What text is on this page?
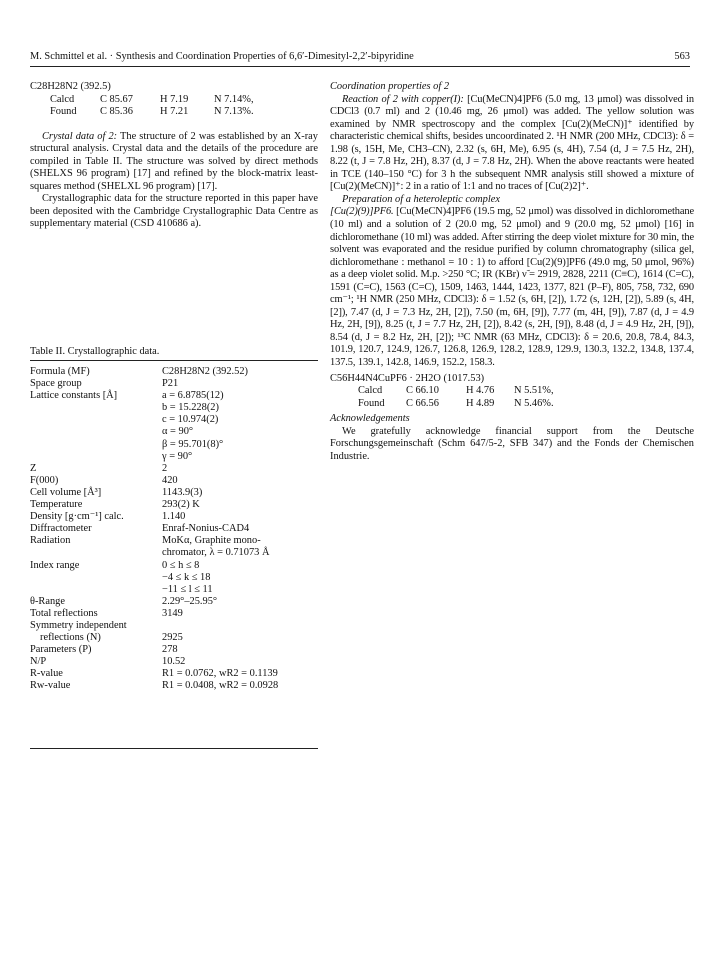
M. Schmittel et al. · Synthesis and Coordination Properties of 6,6′-Dimesityl-2,2′-bipyridine	563

C28H28N2 (392.5)

Calcd	C 85.67	H 7.19	N 7.14%,
Found	C 85.36	H 7.21	N 7.13%.

Crystal data of 2: The structure of 2 was established by an X-ray structural analysis. Crystal data and the details of the procedure are compiled in Table II. The structure was solved by direct methods (SHELXS 96 program) [17] and refined by the block-matrix least-squares method (SHELXL 96 program) [17].

Crystallographic data for the structure reported in this paper have been deposited with the Cambridge Crystallographic Data Centre as supplementary material (CSD 410686 a).

Table II. Crystallographic data.
Formula (MF)	C28H28N2 (392.52)
Space group	P21
Lattice constants [Å]	a = 6.8785(12)
b = 15.228(2)
c = 10.974(2)
α = 90°
β = 95.701(8)°
γ = 90°
Z	2
F(000)	420
Cell volume [Å³]	1143.9(3)
Temperature	293(2) K
Density [g·cm⁻¹] calc.	1.140
Diffractometer	Enraf-Nonius-CAD4
Radiation	MoKα, Graphite mono-
chromator, λ = 0.71073 Å
Index range	0 ≤ h ≤ 8
−4 ≤ k ≤ 18
−11 ≤ l ≤ 11
θ-Range	2.29°–25.95°
Total reflections	3149
Symmetry independent
reflections (N)	2925
Parameters (P)	278
N/P	10.52
R-value	R1 = 0.0762, wR2 = 0.1139
Rw-value	R1 = 0.0408, wR2 = 0.0928

Coordination properties of 2

Reaction of 2 with copper(I): [Cu(MeCN)4]PF6 (5.0 mg, 13 μmol) was dissolved in CDCl3 (0.7 ml) and 2 (10.46 mg, 26 μmol) was added. The yellow solution was examined by NMR spectroscopy and the complex [Cu(2)(MeCN)]⁺ identified by characteristic chemical shifts, besides uncoordinated 2. ¹H NMR (200 MHz, CDCl3): δ = 1.98 (s, 15H, Me, CH3–CN), 2.32 (s, 6H, Me), 6.95 (s, 4H), 7.54 (d, J = 7.5 Hz, 2H), 8.22 (t, J = 7.8 Hz, 2H), 8.37 (d, J = 7.8 Hz, 2H). When the above reactants were heated in TCE (140–150 °C) for 3 h the subsequent NMR analysis still showed a mixture of [Cu(2)(MeCN)]⁺: 2 in a ratio of 1:1 and no traces of [Cu(2)2]⁺.

Preparation of a heteroleptic complex

[Cu(2)(9)]PF6. [Cu(MeCN)4]PF6 (19.5 mg, 52 μmol) was dissolved in dichloromethane (10 ml) and a solution of 2 (20.0 mg, 52 μmol) and 9 (20.0 mg, 52 μmol) [16] in dichloromethane (10 ml) was added. After stirring the deep violet mixture for 30 min, the solvent was evaporated and the residue purified by column chromatography (silica gel, dichloromethane : methanol = 10 : 1) to afford [Cu(2)(9)]PF6 (49.0 mg, 50 μmol, 96%) as a deep violet solid. M.p. >250 °C; IR (KBr) ν̃ = 2919, 2828, 2211 (C≡C), 1614 (C=C), 1591 (C=C), 1563 (C=C), 1509, 1463, 1444, 1423, 1377, 821 (P–F), 805, 758, 732, 690 cm⁻¹; ¹H NMR (250 MHz, CDCl3): δ = 1.52 (s, 6H, [2]), 1.72 (s, 12H, [2]), 5.89 (s, 4H, [2]), 7.47 (d, J = 7.3 Hz, 2H, [2]), 7.50 (m, 6H, [9]), 7.77 (m, 4H, [9]), 7.87 (d, J = 4.9 Hz, 2H, [9]), 8.25 (t, J = 7.7 Hz, 2H, [2]), 8.42 (s, 2H, [9]), 8.48 (d, J = 4.9 Hz, 2H, [9]), 8.54 (d, J = 8.2 Hz, 2H, [2]); ¹³C NMR (63 MHz, CDCl3): δ = 20.6, 20.8, 78.4, 84.3, 101.9, 120.7, 124.9, 126.7, 126.8, 126.9, 128.2, 128.9, 129.9, 130.3, 132.2, 134.8, 137.4, 137.5, 139.1, 142.8, 146.9, 152.2, 158.3.

C56H44N4CuPF6 · 2H2O (1017.53)

Calcd	C 66.10	H 4.76	N 5.51%,
Found	C 66.56	H 4.89	N 5.46%.

Acknowledgements

We gratefully acknowledge financial support from the Deutsche Forschungsgemeinschaft (Schm 647/5-2, SFB 347) and the Fonds der Chemischen Industrie.
